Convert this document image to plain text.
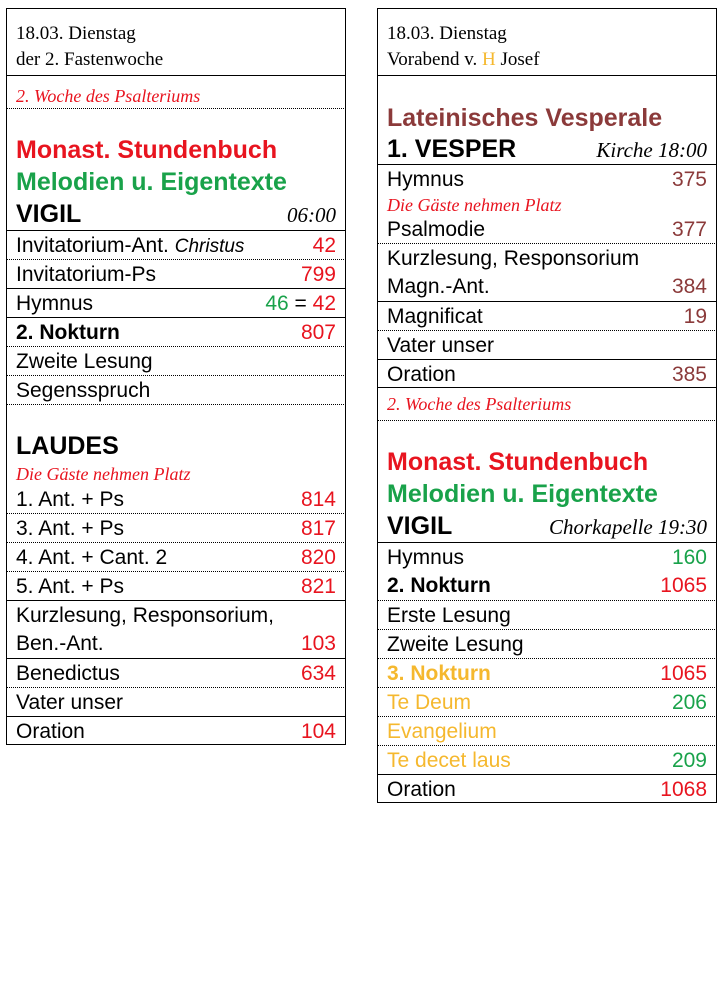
18.03. Dienstag
der 2. Fastenwoche
2. Woche des Psalteriums
Monast. Stundenbuch
Melodien u. Eigentexte
VIGIL	06:00
Invitatorium-Ant. Christus	42
Invitatorium-Ps	799
Hymnus	46 = 42
2. Nokturn	807
Zweite Lesung
Segensspruch
LAUDES
Die Gäste nehmen Platz
1. Ant. + Ps	814
3. Ant. + Ps	817
4. Ant. + Cant. 2	820
5. Ant. + Ps	821
Kurzlesung, Responsorium,
Ben.-Ant.	103
Benedictus	634
Vater unser
Oration	104
18.03. Dienstag
Vorabend v. H Josef
Lateinisches Vesperale
1. VESPER	Kirche 18:00
Hymnus	375
Die Gäste nehmen Platz
Psalmodie	377
Kurzlesung, Responsorium
Magn.-Ant.	384
Magnificat	19
Vater unser
Oration	385
2. Woche des Psalteriums
Monast. Stundenbuch
Melodien u. Eigentexte
VIGIL	Chorkapelle 19:30
Hymnus	160
2. Nokturn	1065
Erste Lesung
Zweite Lesung
3. Nokturn	1065
Te Deum	206
Evangelium
Te decet laus	209
Oration	1068
